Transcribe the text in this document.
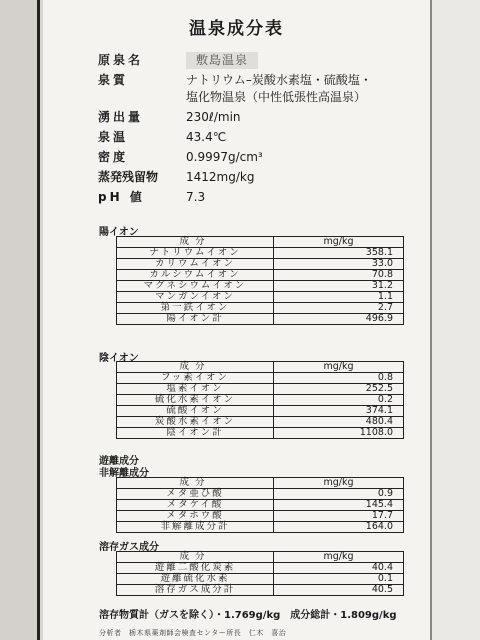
温泉成分表
原泉名	敷島温泉
泉質	ナトリウム–炭酸水素塩・硫酸塩・
塩化物温泉（中性低張性高温泉）
湧出量	230ℓ/min
泉温	43.4℃
密度	0.9997g/cm³
蒸発残留物	1412mg/kg
pH 値	7.3
陽イオン
成分	mg/kg
ナトリウムイオン	358.1
カリウムイオン	33.0
カルシウムイオン	70.8
マグネシウムイオン	31.2
マンガンイオン	1.1
第一鉄イオン	2.7
陽イオン計	496.9
陰イオン
成分	mg/kg
フッ素イオン	0.8
塩素イオン	252.5
硫化水素イオン	0.2
硫酸イオン	374.1
炭酸水素イオン	480.4
陰イオン計	1108.0
遊離成分
非解離成分
成分	mg/kg
メタ亜ひ酸	0.9
メタケイ酸	145.4
メタホウ酸	17.7
非解離成分計	164.0
溶存ガス成分
成分	mg/kg
遊離二酸化炭素	40.4
遊離硫化水素	0.1
溶存ガス成分計	40.5
溶存物質計（ガスを除く）・1.769g/kg　成分総計・1.809g/kg
分析者　栃木県薬剤師会検査センター所長　仁木　喜治
